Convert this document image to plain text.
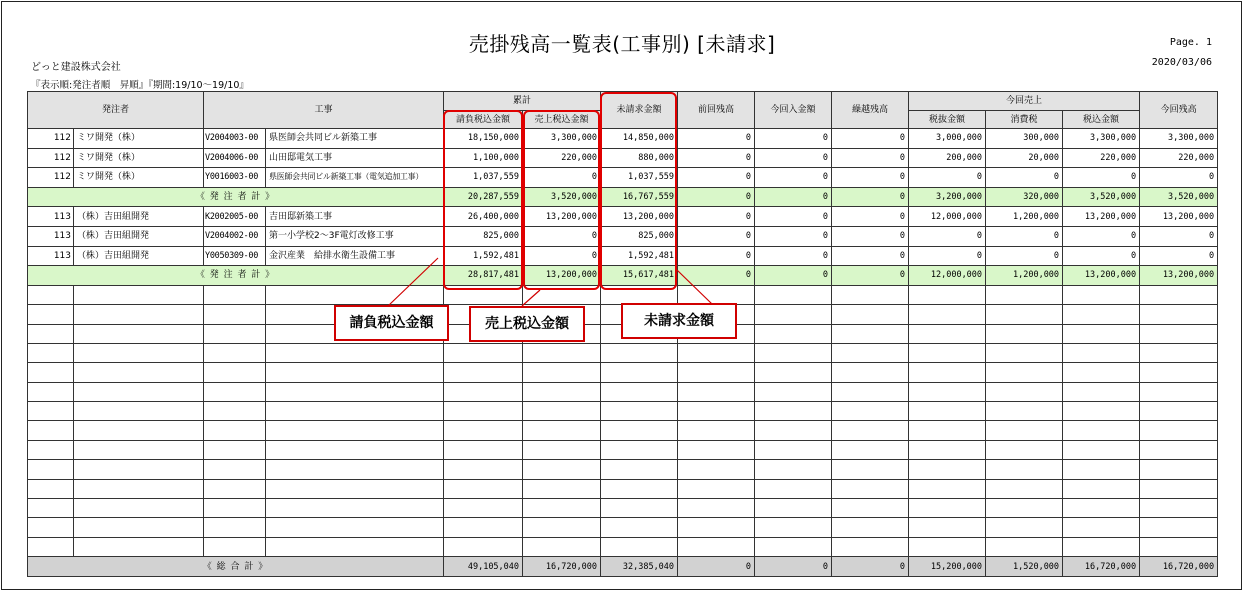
売掛残高一覧表(工事別) [未請求]	Page. 1
2020/03/06
どっと建設株式会社
『表示順:発注者順　昇順』『期間:19/10～19/10』
発注者		工事		累計		未請求金額	前回残高	今回入金額	繰越残高	今回売上			今回残高
				請負税込金額	売上税込金額					税抜金額	消費税	税込金額	
112	ミワ開発（株）	V2004003-00	県医師会共同ビル新築工事	18,150,000	3,300,000	14,850,000	0	0	0	3,000,000	300,000	3,300,000	3,300,000
112	ミワ開発（株）	V2004006-00	山田邸電気工事	1,100,000	220,000	880,000	0	0	0	200,000	20,000	220,000	220,000
112	ミワ開発（株）	Y0016003-00	県医師会共同ビル新築工事（電気追加工事）	1,037,559	0	1,037,559	0	0	0	0	0	0	0
《 発 注 者 計 》				20,287,559	3,520,000	16,767,559	0	0	0	3,200,000	320,000	3,520,000	3,520,000
113	（株）吉田組開発	K2002005-00	吉田邸新築工事	26,400,000	13,200,000	13,200,000	0	0	0	12,000,000	1,200,000	13,200,000	13,200,000
113	（株）吉田組開発	V2004002-00	第一小学校2～3F電灯改修工事	825,000	0	825,000	0	0	0	0	0	0	0
113	（株）吉田組開発	Y0050309-00	金沢産業　給排水衛生設備工事	1,592,481	0	1,592,481	0	0	0	0	0	0	0
《 発 注 者 計 》				28,817,481	13,200,000	15,617,481	0	0	0	12,000,000	1,200,000	13,200,000	13,200,000

《 総 合 計 》				49,105,040	16,720,000	32,385,040	0	0	0	15,200,000	1,520,000	16,720,000	16,720,000
請負税込金額	売上税込金額	未請求金額
